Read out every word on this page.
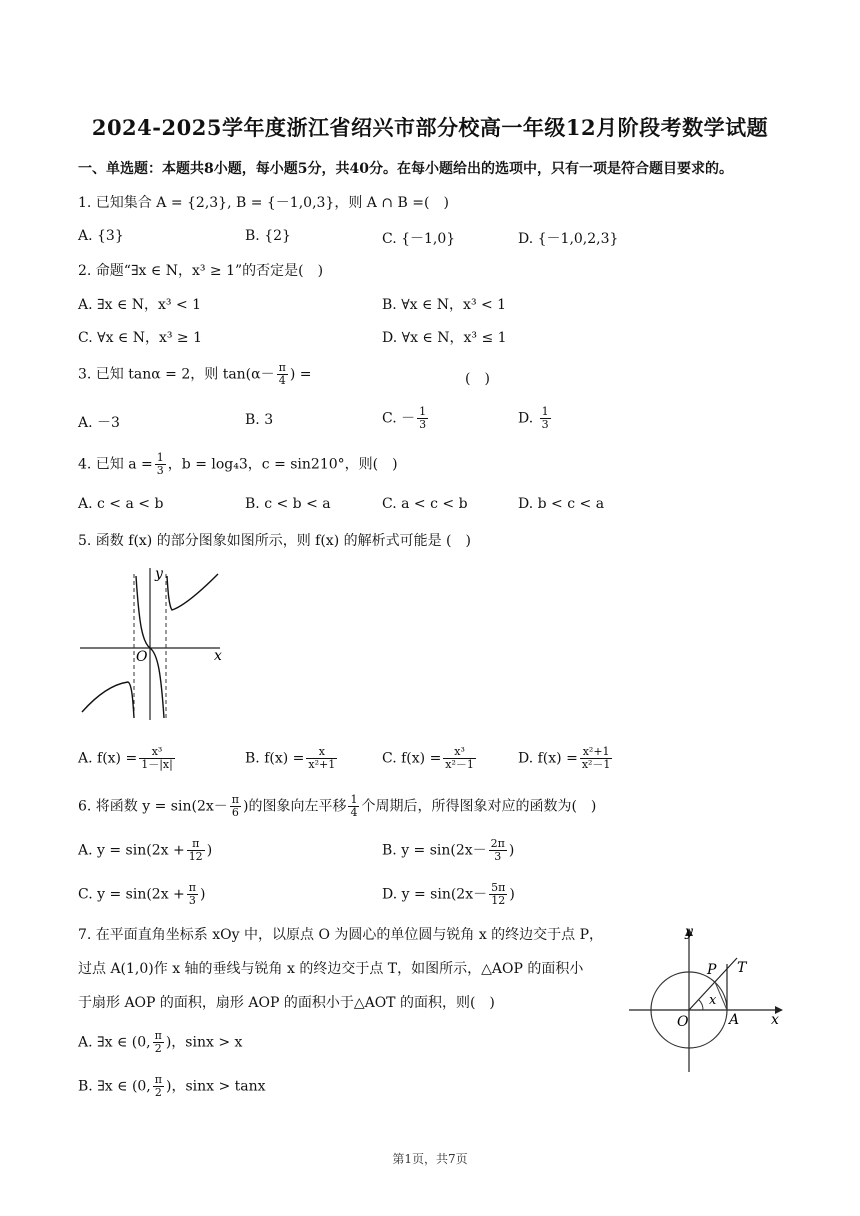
2024-2025学年度浙江省绍兴市部分校高一年级12月阶段考数学试题
一、单选题：本题共8小题，每小题5分，共40分。在每小题给出的选项中，只有一项是符合题目要求的。
1. 已知集合 A = {2,3}, B = {－1,0,3}，则 A ∩ B =(　)
A. {3}	B. {2}	C. {－1,0}	D. {－1,0,2,3}
2. 命题“∃x ∈ N，x³ ≥ 1”的否定是(　)
A. ∃x ∈ N，x³ < 1	B. ∀x ∈ N，x³ < 1
C. ∀x ∈ N，x³ ≥ 1	D. ∀x ∈ N，x³ ≤ 1
3. 已知 tanα = 2，则 $\tan(\alpha- \frac{\pi}{4}$ ) =	(　)
A. －3	B. 3	C. － $\frac{1}{3}$	D. $\frac{1}{3}$
4. 已知 $a = \frac{1}{3}$ ，b = log₄3，c = sin210°，则(　)
A. c < a < b	B. c < b < a	C. a < c < b	D. b < c < a
5. 函数 f(x) 的部分图象如图所示，则 f(x) 的解析式可能是 (　)
y
x
O
A. $f(x) = \frac{\text{x³}}{1-|x|}$	B. $f(x) = \frac{x}{\text{x²+1}}$	C. $f(x) = \frac{\text{x³}}{\text{x²－1}}$	D. $f(x) = \frac{\text{x²+1}}{\text{x²－1}}$
6. 将函数 $y = \sin(2x- \frac{\pi}{6}$ )的图象向左平移 $\frac{1}{4}$ 个周期后，所得图象对应的函数为(　)
A. $y = \sin(2x + \frac{\pi}{12}$ )	B. $y = \sin(2x- \frac{2\pi}{3}$ )
C. $y = \sin(2x + \frac{\pi}{3}$ )	D. $y = \sin(2x- \frac{5\pi}{12}$ )
7. 在平面直角坐标系 xOy 中，以原点 O 为圆心的单位圆与锐角 x 的终边交于点 P，
过点 A(1,0)作 x 轴的垂线与锐角 x 的终边交于点 T，如图所示，△AOP 的面积小
于扇形 AOP 的面积，扇形 AOP 的面积小于△AOT 的面积，则(　)
y
x
O
P T
A
x
A. ∃x ∈ (0, $\frac{\pi}{2}$ )，sinx > x
B. ∃x ∈ (0, $\frac{\pi}{2}$ )，sinx > tanx
第1页，共7页
